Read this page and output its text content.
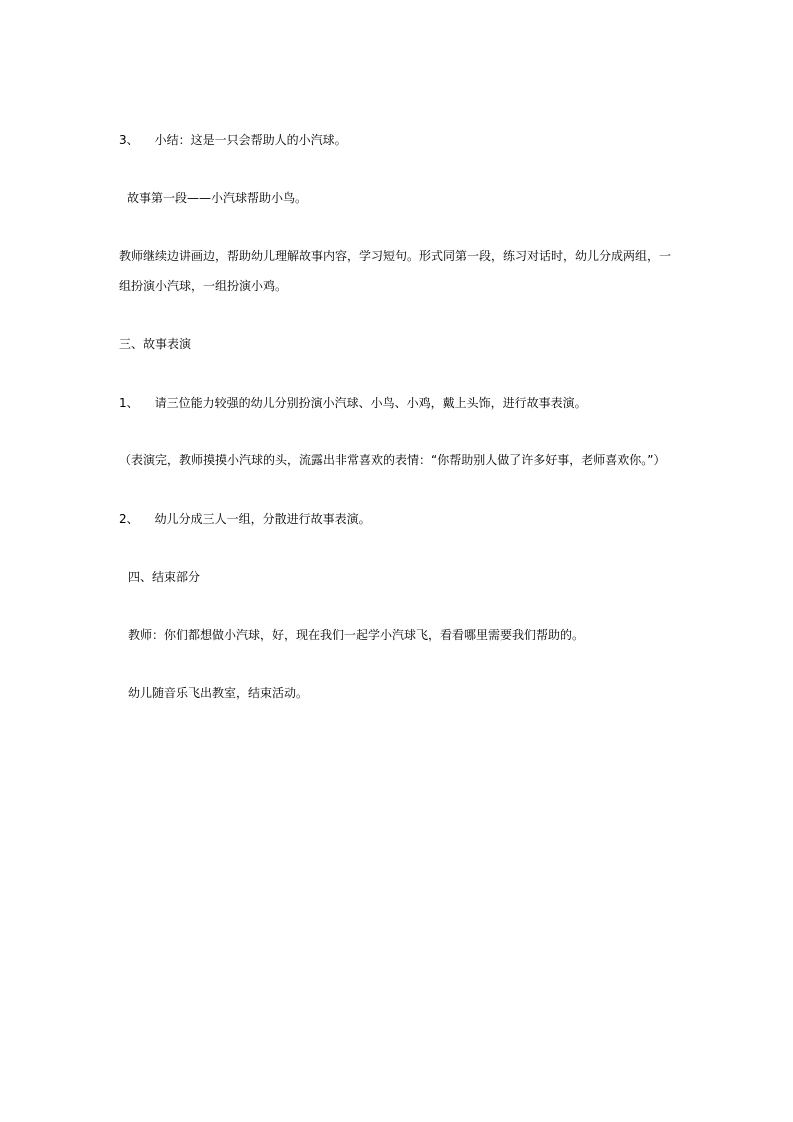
3、 小结：这是一只会帮助人的小汽球。
故事第一段——小汽球帮助小鸟。
教师继续边讲画边，帮助幼儿理解故事内容，学习短句。形式同第一段，练习对话时，幼儿分成两组，一
组扮演小汽球，一组扮演小鸡。
三、故事表演
1、 请三位能力较强的幼儿分别扮演小汽球、小鸟、小鸡，戴上头饰，进行故事表演。
（表演完，教师摸摸小汽球的头，流露出非常喜欢的表情：“你帮助别人做了许多好事，老师喜欢你。”）
2、 幼儿分成三人一组，分散进行故事表演。
四、结束部分
教师：你们都想做小汽球，好，现在我们一起学小汽球飞，看看哪里需要我们帮助的。
幼儿随音乐飞出教室，结束活动。
